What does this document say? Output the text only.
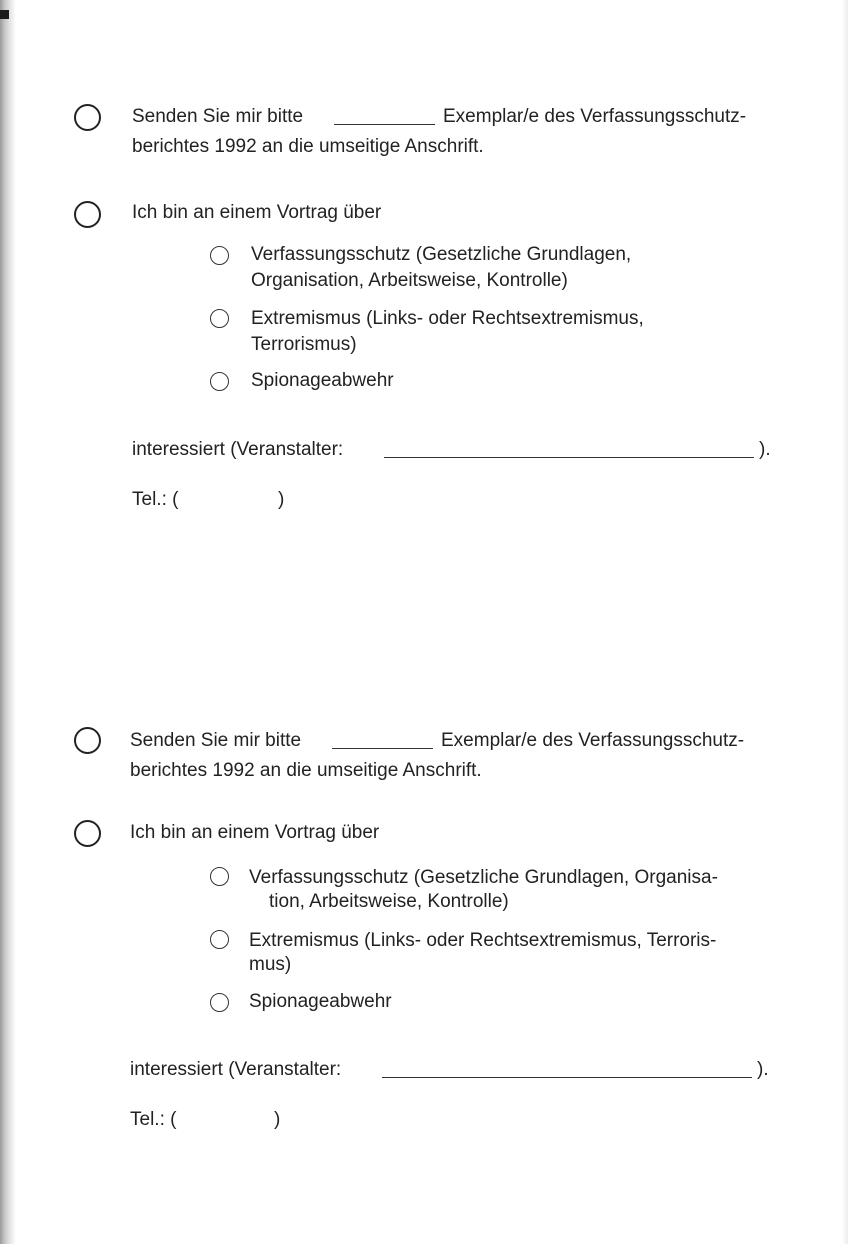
Senden Sie mir bitte	Exemplar/e des Verfassungsschutz-
berichtes 1992 an die umseitige Anschrift.
Ich bin an einem Vortrag über
Verfassungsschutz (Gesetzliche Grundlagen,
Organisation, Arbeitsweise, Kontrolle)
Extremismus (Links- oder Rechtsextremismus,
Terrorismus)
Spionageabwehr
interessiert (Veranstalter:	).
Tel.: (	)
Senden Sie mir bitte	Exemplar/e des Verfassungsschutz-
berichtes 1992 an die umseitige Anschrift.
Ich bin an einem Vortrag über
Verfassungsschutz (Gesetzliche Grundlagen, Organisa-
tion, Arbeitsweise, Kontrolle)
Extremismus (Links- oder Rechtsextremismus, Terroris-
mus)
Spionageabwehr
interessiert (Veranstalter:	).
Tel.: (	)
